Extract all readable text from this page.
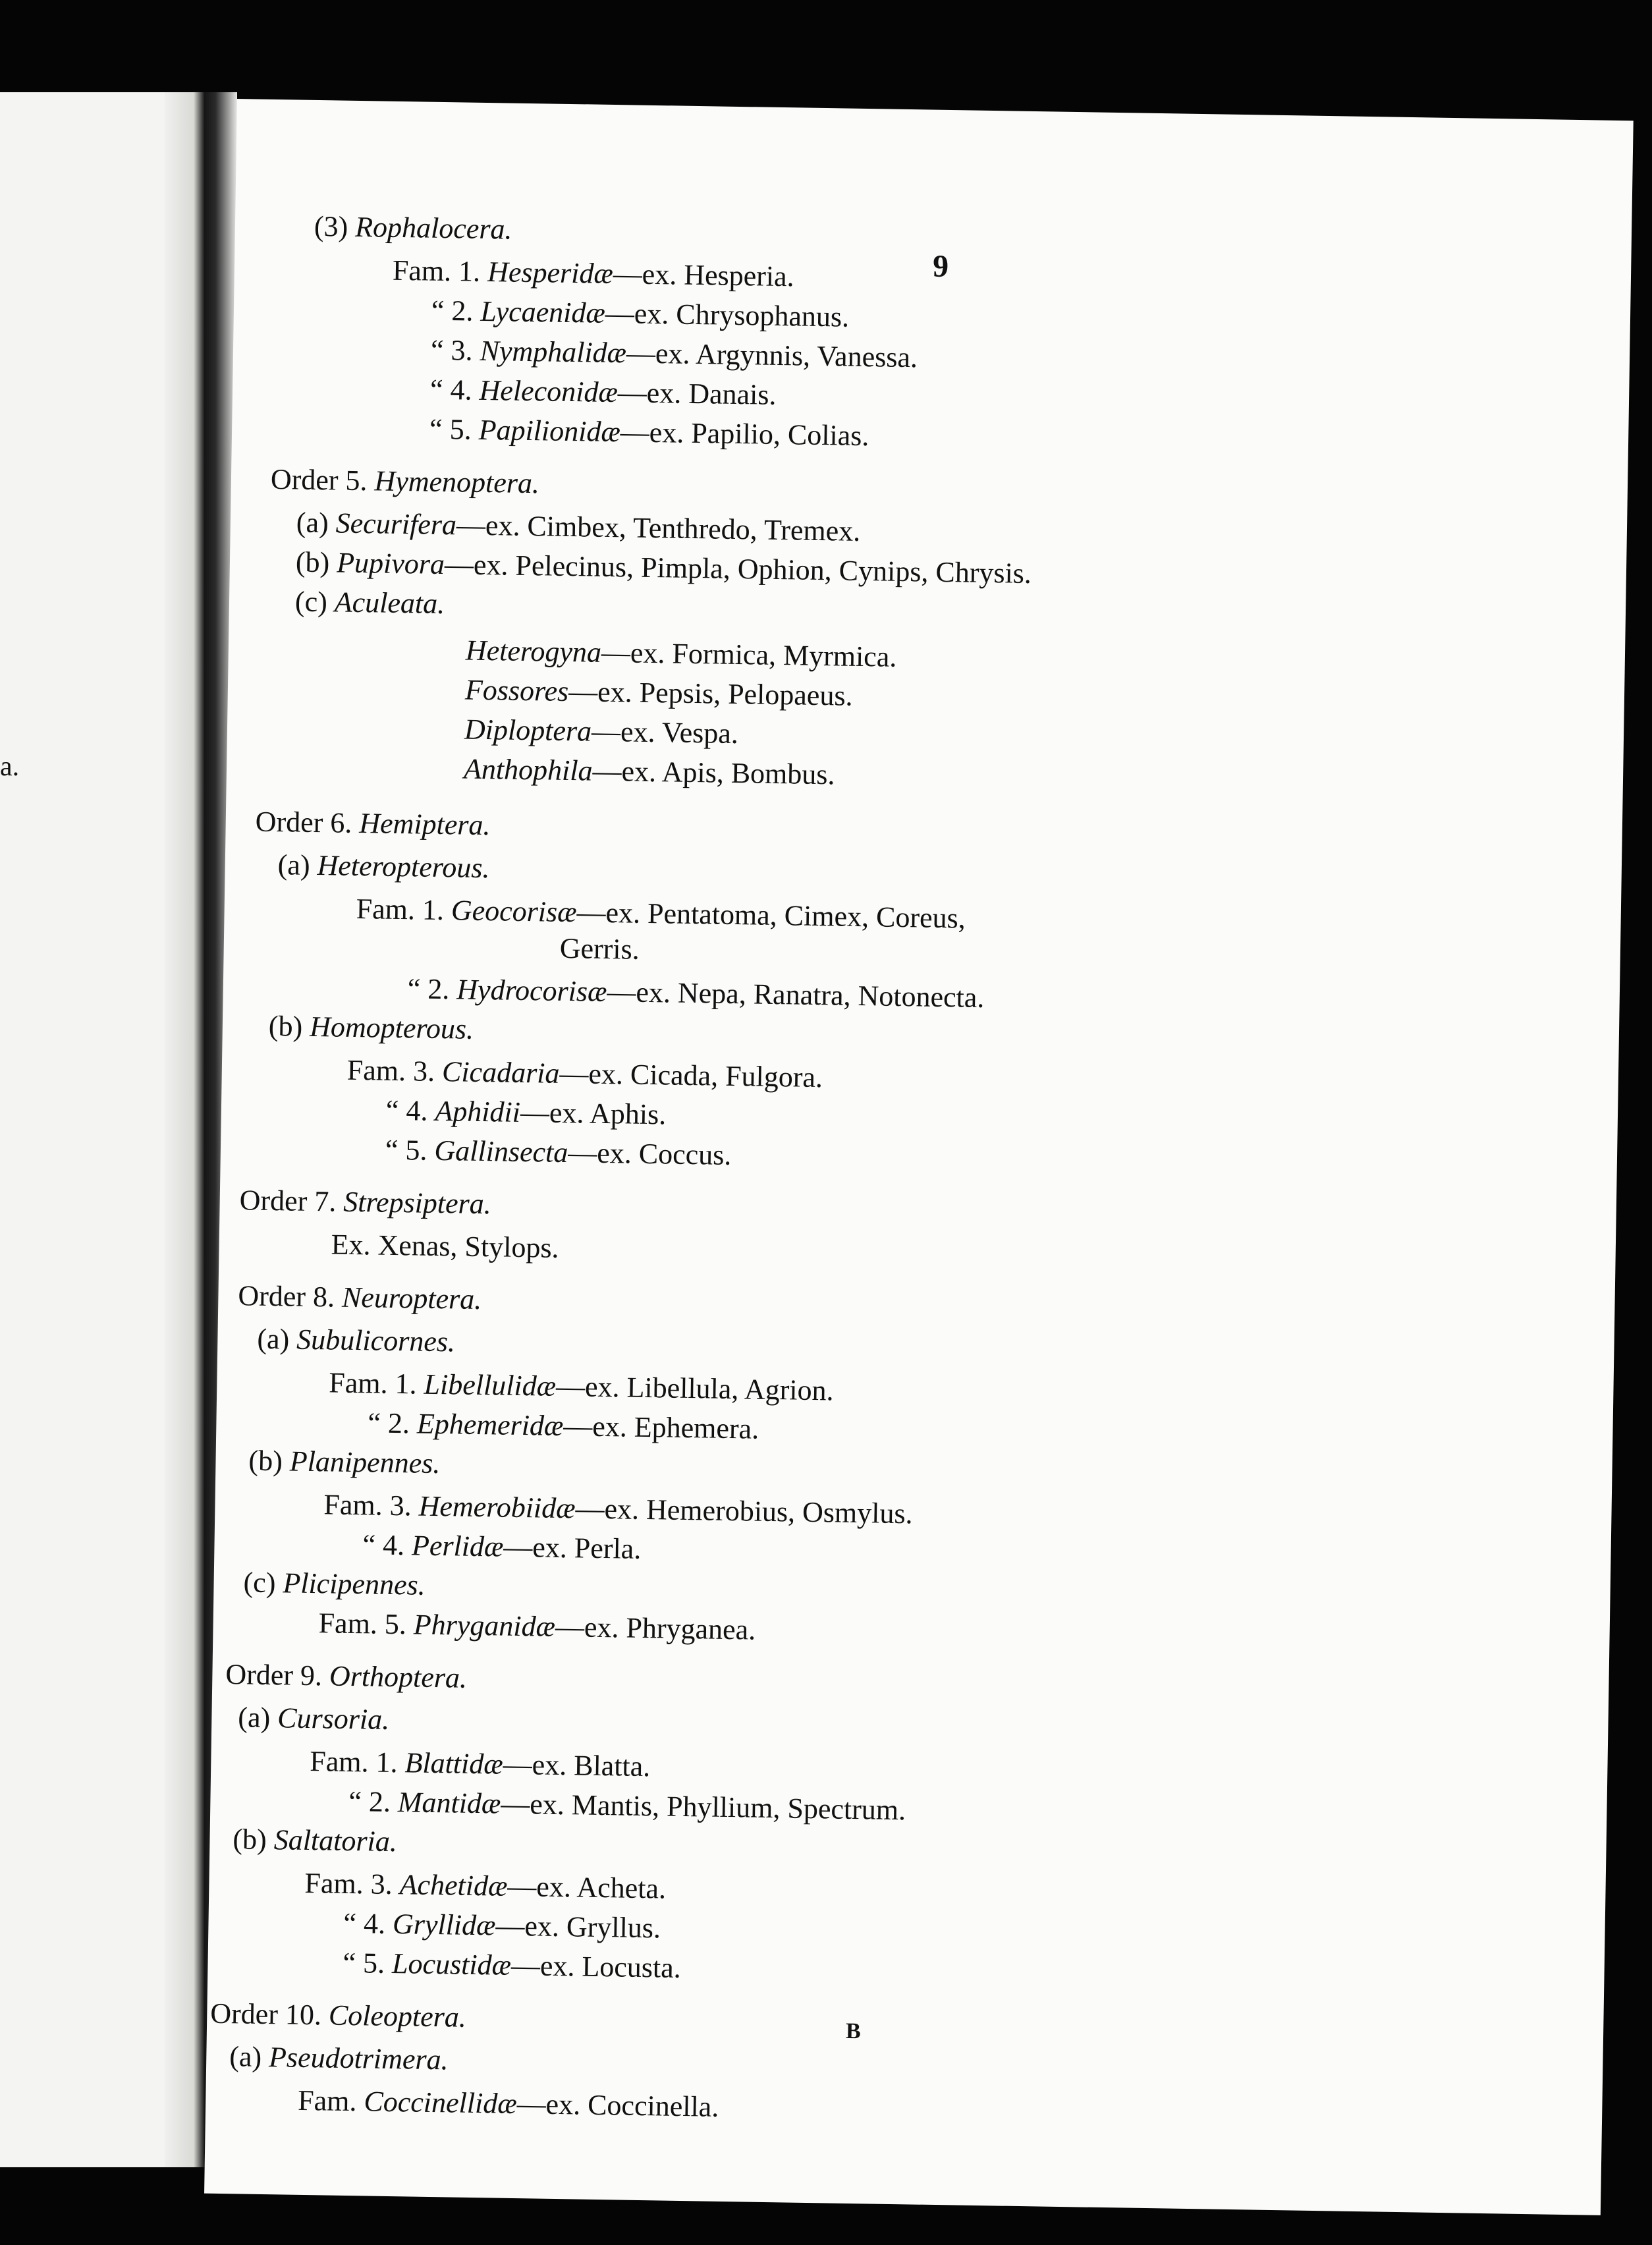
a.
9
(3) Rophalocera.
Fam. 1. Hesperidæ—ex. Hesperia.
“ 2. Lycaenidæ—ex. Chrysophanus.
“ 3. Nymphalidæ—ex. Argynnis, Vanessa.
“ 4. Heleconidæ—ex. Danais.
“ 5. Papilionidæ—ex. Papilio, Colias.
Order 5. Hymenoptera.
(a) Securifera—ex. Cimbex, Tenthredo, Tremex.
(b) Pupivora—ex. Pelecinus, Pimpla, Ophion, Cynips, Chrysis.
(c) Aculeata.
Heterogyna—ex. Formica, Myrmica.
Fossores—ex. Pepsis, Pelopaeus.
Diploptera—ex. Vespa.
Anthophila—ex. Apis, Bombus.
Order 6. Hemiptera.
(a) Heteropterous.
Fam. 1. Geocorisæ—ex. Pentatoma, Cimex, Coreus,
Gerris.
“ 2. Hydrocorisæ—ex. Nepa, Ranatra, Notonecta.
(b) Homopterous.
Fam. 3. Cicadaria—ex. Cicada, Fulgora.
“ 4. Aphidii—ex. Aphis.
“ 5. Gallinsecta—ex. Coccus.
Order 7. Strepsiptera.
Ex. Xenas, Stylops.
Order 8. Neuroptera.
(a) Subulicornes.
Fam. 1. Libellulidæ—ex. Libellula, Agrion.
“ 2. Ephemeridæ—ex. Ephemera.
(b) Planipennes.
Fam. 3. Hemerobiidæ—ex. Hemerobius, Osmylus.
“ 4. Perlidæ—ex. Perla.
(c) Plicipennes.
Fam. 5. Phryganidæ—ex. Phryganea.
Order 9. Orthoptera.
(a) Cursoria.
Fam. 1. Blattidæ—ex. Blatta.
“ 2. Mantidæ—ex. Mantis, Phyllium, Spectrum.
(b) Saltatoria.
Fam. 3. Achetidæ—ex. Acheta.
“ 4. Gryllidæ—ex. Gryllus.
“ 5. Locustidæ—ex. Locusta.
Order 10. Coleoptera.
(a) Pseudotrimera.
Fam. Coccinellidæ—ex. Coccinella.
B
